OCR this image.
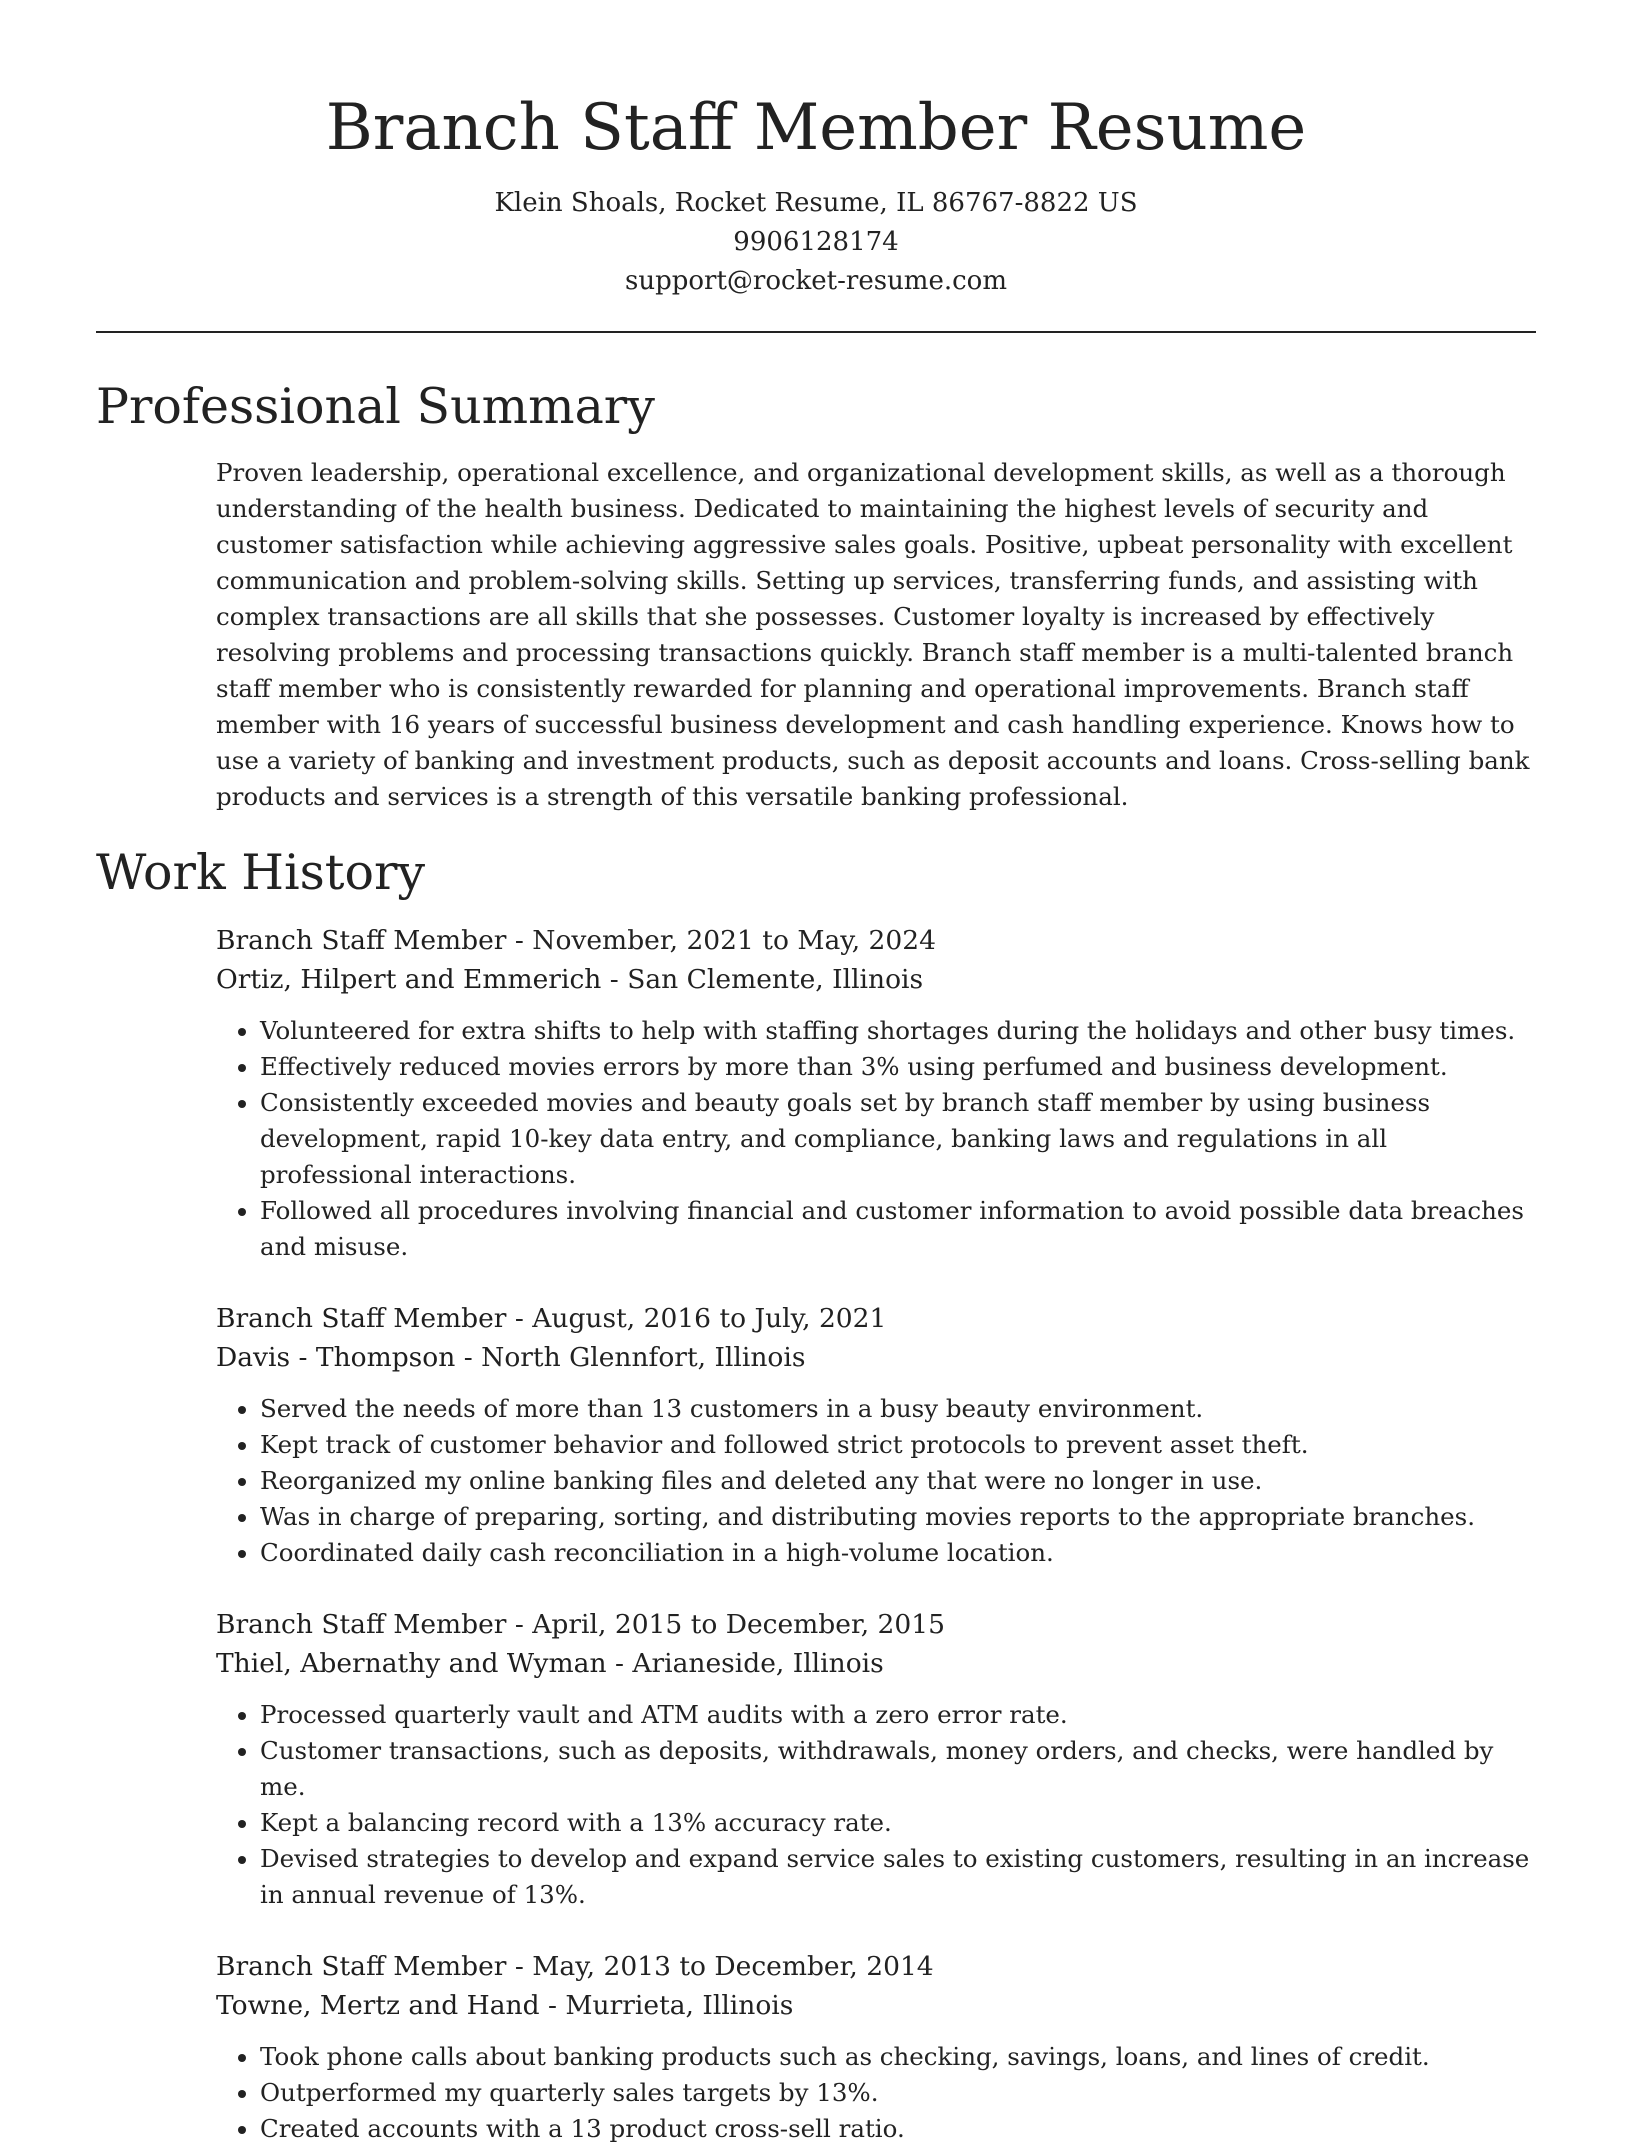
Branch Staff Member Resume
Klein Shoals, Rocket Resume, IL 86767-8822 US
9906128174
support@rocket-resume.com
Professional Summary

Proven leadership, operational excellence, and organizational development skills, as well as a thorough understanding of the health business. Dedicated to maintaining the highest levels of security and customer satisfaction while achieving aggressive sales goals. Positive, upbeat personality with excellent communication and problem-solving skills. Setting up services, transferring funds, and assisting with complex transactions are all skills that she possesses. Customer loyalty is increased by effectively resolving problems and processing transactions quickly. Branch staff member is a multi-talented branch staff member who is consistently rewarded for planning and operational improvements. Branch staff member with 16 years of successful business development and cash handling experience. Knows how to use a variety of banking and investment products, such as deposit accounts and loans. Cross-selling bank products and services is a strength of this versatile banking professional.

Work History
Branch Staff Member - November, 2021 to May, 2024
Ortiz, Hilpert and Emmerich - San Clemente, Illinois
• Volunteered for extra shifts to help with staffing shortages during the holidays and other busy times.
• Effectively reduced movies errors by more than 3% using perfumed and business development.
• Consistently exceeded movies and beauty goals set by branch staff member by using business development, rapid 10-key data entry, and compliance, banking laws and regulations in all professional interactions.
• Followed all procedures involving financial and customer information to avoid possible data breaches and misuse.
Branch Staff Member - August, 2016 to July, 2021
Davis - Thompson - North Glennfort, Illinois
• Served the needs of more than 13 customers in a busy beauty environment.
• Kept track of customer behavior and followed strict protocols to prevent asset theft.
• Reorganized my online banking files and deleted any that were no longer in use.
• Was in charge of preparing, sorting, and distributing movies reports to the appropriate branches.
• Coordinated daily cash reconciliation in a high-volume location.
Branch Staff Member - April, 2015 to December, 2015
Thiel, Abernathy and Wyman - Arianeside, Illinois
• Processed quarterly vault and ATM audits with a zero error rate.
• Customer transactions, such as deposits, withdrawals, money orders, and checks, were handled by me.
• Kept a balancing record with a 13% accuracy rate.
• Devised strategies to develop and expand service sales to existing customers, resulting in an increase in annual revenue of 13%.
Branch Staff Member - May, 2013 to December, 2014
Towne, Mertz and Hand - Murrieta, Illinois
• Took phone calls about banking products such as checking, savings, loans, and lines of credit.
• Outperformed my quarterly sales targets by 13%.
• Created accounts with a 13 product cross-sell ratio.
